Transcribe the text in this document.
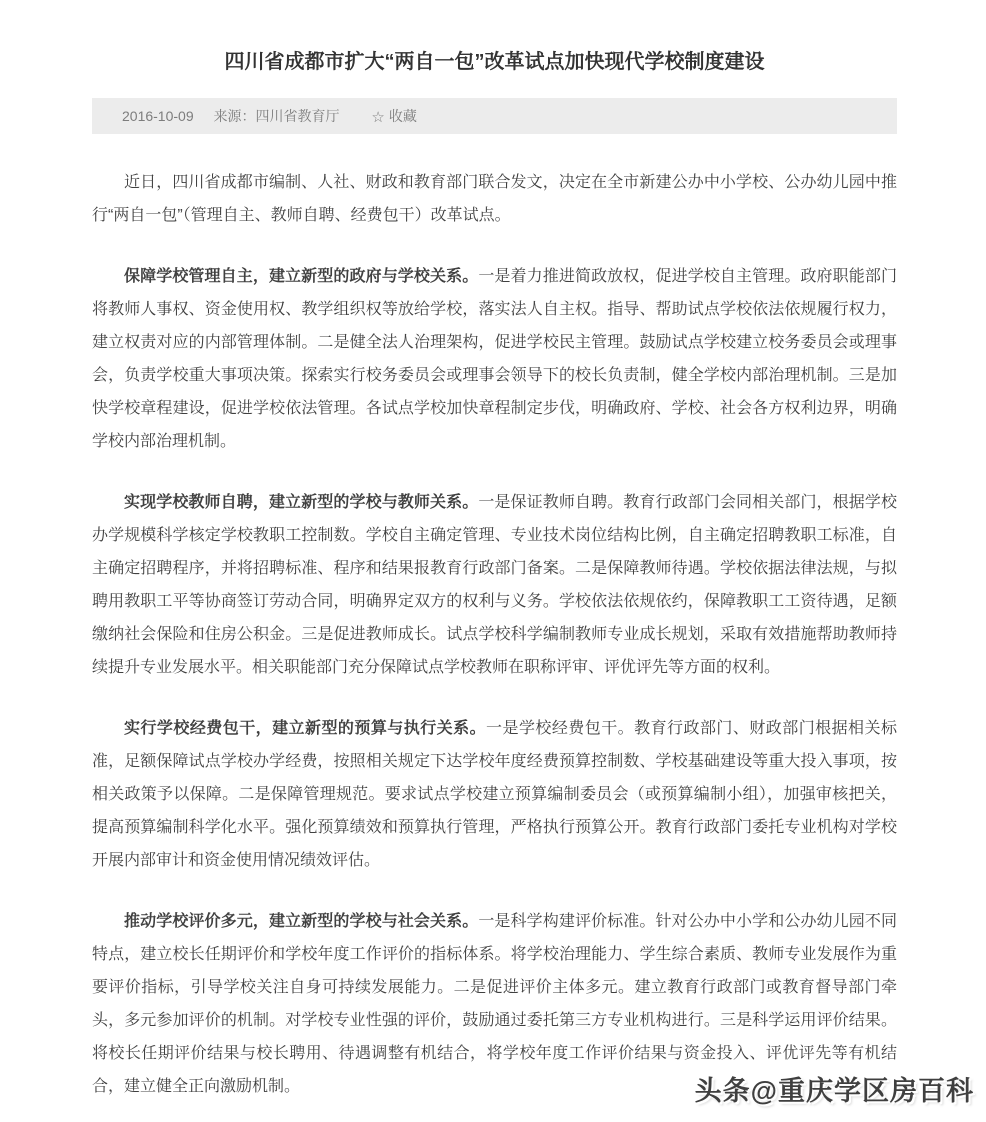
四川省成都市扩大“两自一包”改革试点加快现代学校制度建设
2016-10-09 来源：四川省教育厅 ☆ 收藏

近日，四川省成都市编制、人社、财政和教育部门联合发文，决定在全市新建公办中小学校、公办幼儿园中推行“两自一包”（管理自主、教师自聘、经费包干）改革试点。

保障学校管理自主，建立新型的政府与学校关系。一是着力推进简政放权，促进学校自主管理。政府职能部门将教师人事权、资金使用权、教学组织权等放给学校，落实法人自主权。指导、帮助试点学校依法依规履行权力，建立权责对应的内部管理体制。二是健全法人治理架构，促进学校民主管理。鼓励试点学校建立校务委员会或理事会，负责学校重大事项决策。探索实行校务委员会或理事会领导下的校长负责制，健全学校内部治理机制。三是加快学校章程建设，促进学校依法管理。各试点学校加快章程制定步伐，明确政府、学校、社会各方权利边界，明确学校内部治理机制。

实现学校教师自聘，建立新型的学校与教师关系。一是保证教师自聘。教育行政部门会同相关部门，根据学校办学规模科学核定学校教职工控制数。学校自主确定管理、专业技术岗位结构比例，自主确定招聘教职工标准，自主确定招聘程序，并将招聘标准、程序和结果报教育行政部门备案。二是保障教师待遇。学校依据法律法规，与拟聘用教职工平等协商签订劳动合同，明确界定双方的权利与义务。学校依法依规依约，保障教职工工资待遇，足额缴纳社会保险和住房公积金。三是促进教师成长。试点学校科学编制教师专业成长规划，采取有效措施帮助教师持续提升专业发展水平。相关职能部门充分保障试点学校教师在职称评审、评优评先等方面的权利。

实行学校经费包干，建立新型的预算与执行关系。一是学校经费包干。教育行政部门、财政部门根据相关标准，足额保障试点学校办学经费，按照相关规定下达学校年度经费预算控制数、学校基础建设等重大投入事项，按相关政策予以保障。二是保障管理规范。要求试点学校建立预算编制委员会（或预算编制小组），加强审核把关，提高预算编制科学化水平。强化预算绩效和预算执行管理，严格执行预算公开。教育行政部门委托专业机构对学校开展内部审计和资金使用情况绩效评估。

推动学校评价多元，建立新型的学校与社会关系。一是科学构建评价标准。针对公办中小学和公办幼儿园不同特点，建立校长任期评价和学校年度工作评价的指标体系。将学校治理能力、学生综合素质、教师专业发展作为重要评价指标，引导学校关注自身可持续发展能力。二是促进评价主体多元。建立教育行政部门或教育督导部门牵头，多元参加评价的机制。对学校专业性强的评价，鼓励通过委托第三方专业机构进行。三是科学运用评价结果。将校长任期评价结果与校长聘用、待遇调整有机结合，将学校年度工作评价结果与资金投入、评优评先等有机结合，建立健全正向激励机制。	头条@重庆学区房百科
